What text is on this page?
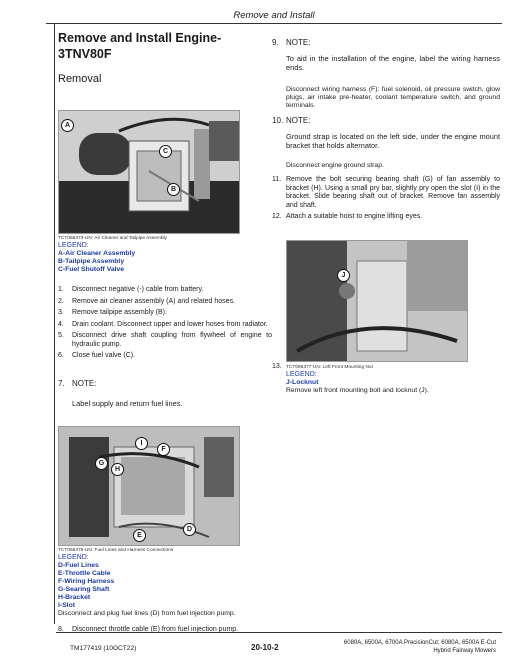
Remove and Install
Remove and Install Engine-3TNV80F
Removal
A
C
B
TCT066373-UN: Air Cleaner and Tailpipe Assembly
LEGEND:
A-Air Cleaner Assembly
B-Tailpipe Assembly
C-Fuel Shutoff Valve
1.	Disconnect negative (-) cable from battery.
2.	Remove air cleaner assembly (A) and related hoses.
3.	Remove tailpipe assembly (B).
4.	Drain coolant. Disconnect upper and lower hoses from radiator.
5.	Disconnect drive shaft coupling from flywheel of engine to hydraulic pump.
6.	Close fuel valve (C).
7. NOTE:
Label supply and return fuel lines.
I
F
G
H
E
D
TCT066375-UN: Fuel Lines and Harness Connections
LEGEND:
D-Fuel Lines
E-Throttle Cable
F-Wiring Harness
G-Searing Shaft
H-Bracket
I-Slot
Disconnect and plug fuel lines (D) from fuel injection pump.
8.	Disconnect throttle cable (E) from fuel injection pump.
9. NOTE:
To aid in the installation of the engine, label the wiring harness ends.
Disconnect wiring harness (F): fuel solenoid, oil pressure switch, glow plugs, air intake pre-heater, coolant temperature switch, and ground terminals.
10. NOTE:
Ground strap is located on the left side, under the engine mount bracket that holds alternator.
Disconnect engine ground strap.
11. Remove the bolt securing bearing shaft (G) of fan assembly to bracket (H). Using a small pry bar, slightly pry open the slot (I) in the bracket. Slide bearing shaft out of bracket. Remove fan assembly and shaft.
12. Attach a suitable hoist to engine lifting eyes.
J
13. TCT066377-UN: Left Front Mounting Nut
LEGEND:
J-Locknut
Remove left front mounting bolt and locknut (J).
TM177419 (10OCT22)	20-10-2	6080A, 6500A, 6700A PrecisionCut; 6080A, 6500A E-Cut
Hybrid Fairway Mowers
